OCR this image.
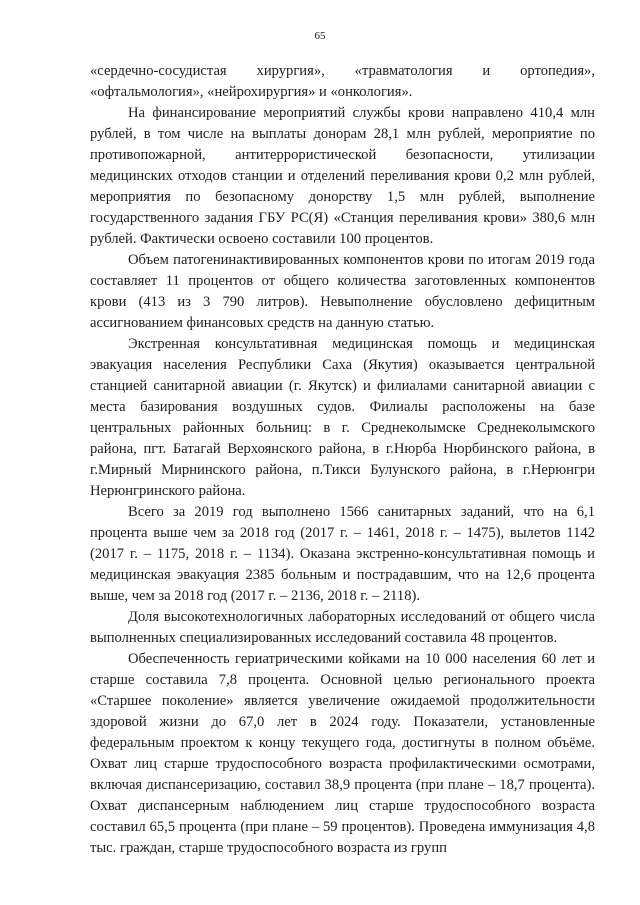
65

«сердечно-сосудистая хирургия», «травматология и ортопедия», «офтальмология», «нейрохирургия» и «онкология».

На финансирование мероприятий службы крови направлено 410,4 млн рублей, в том числе на выплаты донорам 28,1 млн рублей, мероприятие по противопожарной, антитеррористической безопасности, утилизации медицинских отходов станции и отделений переливания крови 0,2 млн рублей, мероприятия по безопасному донорству 1,5 млн рублей, выполнение государственного задания ГБУ РС(Я) «Станция переливания крови» 380,6 млн рублей. Фактически освоено составили 100 процентов.

Объем патогенинактивированных компонентов крови по итогам 2019 года составляет 11 процентов от общего количества заготовленных компонентов крови (413 из 3 790 литров). Невыполнение обусловлено дефицитным ассигнованием финансовых средств на данную статью.

Экстренная консультативная медицинская помощь и медицинская эвакуация населения Республики Саха (Якутия) оказывается центральной станцией санитарной авиации (г. Якутск) и филиалами санитарной авиации с места базирования воздушных судов. Филиалы расположены на базе центральных районных больниц: в г. Среднеколымске Среднеколымского района, пгт. Батагай Верхоянского района, в г.Нюрба Нюрбинского района, в г.Мирный Мирнинского района, п.Тикси Булунского района, в г.Нерюнгри Нерюнгринского района.

Всего за 2019 год выполнено 1566 санитарных заданий, что на 6,1 процента выше чем за 2018 год (2017 г. – 1461, 2018 г. – 1475), вылетов 1142 (2017 г. – 1175, 2018 г. – 1134). Оказана экстренно-консультативная помощь и медицинская эвакуация 2385 больным и пострадавшим, что на 12,6 процента выше, чем за 2018 год (2017 г. – 2136, 2018 г. – 2118).

Доля высокотехнологичных лабораторных исследований от общего числа выполненных специализированных исследований составила 48 процентов.

Обеспеченность гериатрическими койками на 10 000 населения 60 лет и старше составила 7,8 процента. Основной целью регионального проекта «Старшее поколение» является увеличение ожидаемой продолжительности здоровой жизни до 67,0 лет в 2024 году. Показатели, установленные федеральным проектом к концу текущего года, достигнуты в полном объёме. Охват лиц старше трудоспособного возраста профилактическими осмотрами, включая диспансеризацию, составил 38,9 процента (при плане – 18,7 процента). Охват диспансерным наблюдением лиц старше трудоспособного возраста составил 65,5 процента (при плане – 59 процентов). Проведена иммунизация 4,8 тыс. граждан, старше трудоспособного возраста из групп
